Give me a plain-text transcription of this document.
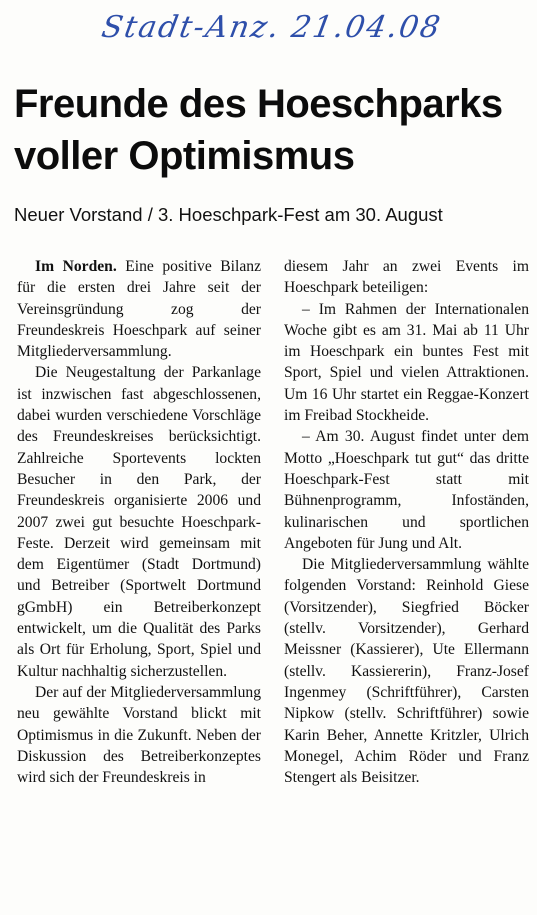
Stadt-Anz. 21.04.08
Freunde des Hoeschparks
voller Optimismus

Neuer Vorstand / 3. Hoeschpark-Fest am 30. August

Im Norden. Eine positive Bilanz für die ersten drei Jahre seit der Vereinsgründung zog der Freundeskreis Hoeschpark auf seiner Mitgliederversammlung.

Die Neugestaltung der Parkanlage ist inzwischen fast abgeschlossenen, dabei wurden verschiedene Vorschläge des Freundeskreises berücksichtigt. Zahlreiche Sportevents lockten Besucher in den Park, der Freundeskreis organisierte 2006 und 2007 zwei gut besuchte Hoeschpark-Feste. Derzeit wird gemeinsam mit dem Eigentümer (Stadt Dortmund) und Betreiber (Sportwelt Dortmund gGmbH) ein Betreiberkonzept entwickelt, um die Qualität des Parks als Ort für Erholung, Sport, Spiel und Kultur nachhaltig sicherzustellen.

Der auf der Mitgliederversammlung neu gewählte Vorstand blickt mit Optimismus in die Zukunft. Neben der Diskussion des Betreiberkonzeptes wird sich der Freundeskreis in

diesem Jahr an zwei Events im Hoeschpark beteiligen:

– Im Rahmen der Internationalen Woche gibt es am 31. Mai ab 11 Uhr im Hoeschpark ein buntes Fest mit Sport, Spiel und vielen Attraktionen. Um 16 Uhr startet ein Reggae-Konzert im Freibad Stockheide.

– Am 30. August findet unter dem Motto „Hoeschpark tut gut“ das dritte Hoeschpark-Fest statt mit Bühnenprogramm, Infoständen, kulinarischen und sportlichen Angeboten für Jung und Alt.

Die Mitgliederversammlung wählte folgenden Vorstand: Reinhold Giese (Vorsitzender), Siegfried Böcker (stellv. Vorsitzender), Gerhard Meissner (Kassierer), Ute Ellermann (stellv. Kassiererin), Franz-Josef Ingenmey (Schriftführer), Carsten Nipkow (stellv. Schriftführer) sowie Karin Beher, Annette Kritzler, Ulrich Monegel, Achim Röder und Franz Stengert als Beisitzer.
